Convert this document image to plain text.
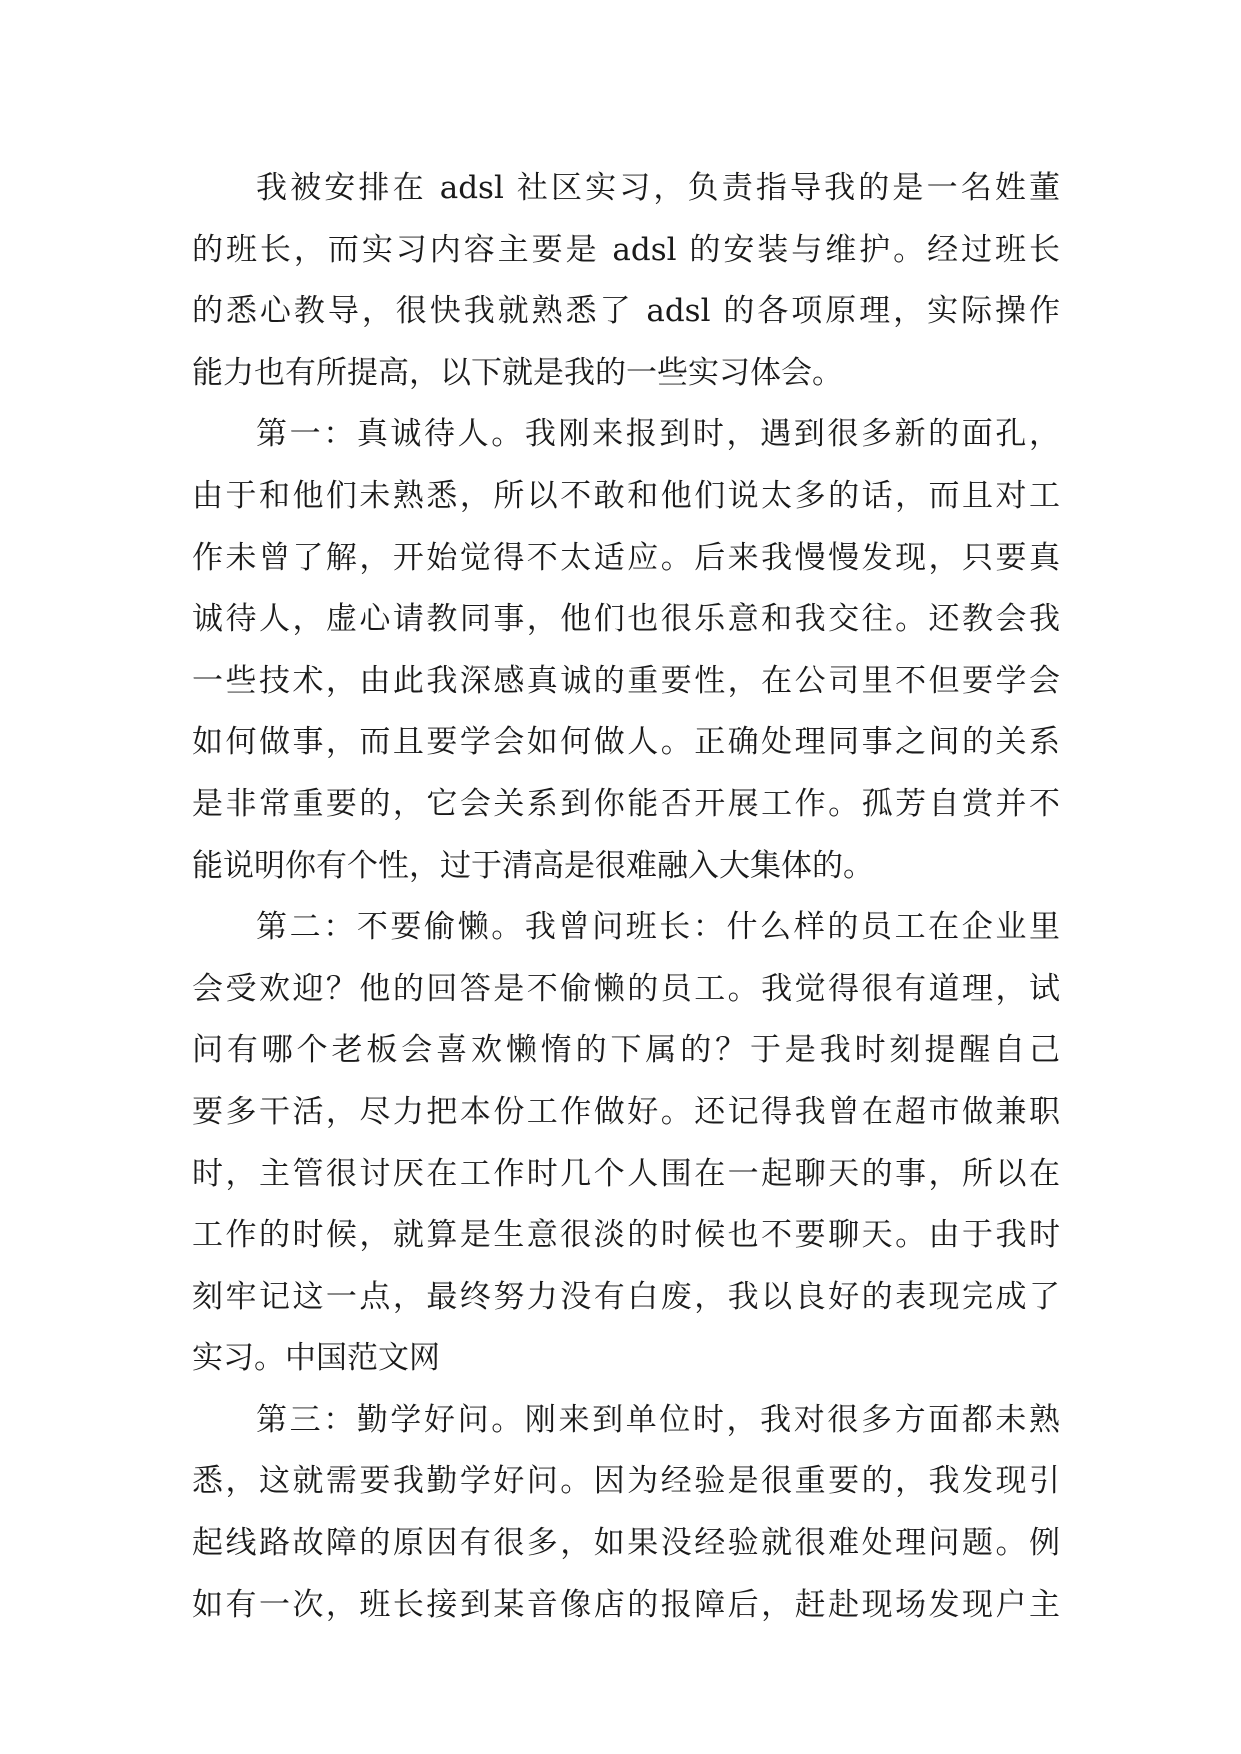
我被安排在 adsl 社区实习，负责指导我的是一名姓董
的班长，而实习内容主要是 adsl 的安装与维护。经过班长
的悉心教导，很快我就熟悉了 adsl 的各项原理，实际操作
能力也有所提高，以下就是我的一些实习体会。
第一：真诚待人。我刚来报到时，遇到很多新的面孔，
由于和他们未熟悉，所以不敢和他们说太多的话，而且对工
作未曾了解，开始觉得不太适应。后来我慢慢发现，只要真
诚待人，虚心请教同事，他们也很乐意和我交往。还教会我
一些技术，由此我深感真诚的重要性，在公司里不但要学会
如何做事，而且要学会如何做人。正确处理同事之间的关系
是非常重要的，它会关系到你能否开展工作。孤芳自赏并不
能说明你有个性，过于清高是很难融入大集体的。
第二：不要偷懒。我曾问班长：什么样的员工在企业里
会受欢迎？他的回答是不偷懒的员工。我觉得很有道理，试
问有哪个老板会喜欢懒惰的下属的？于是我时刻提醒自己
要多干活，尽力把本份工作做好。还记得我曾在超市做兼职
时，主管很讨厌在工作时几个人围在一起聊天的事，所以在
工作的时候，就算是生意很淡的时候也不要聊天。由于我时
刻牢记这一点，最终努力没有白废，我以良好的表现完成了
实习。中国范文网
第三：勤学好问。刚来到单位时，我对很多方面都未熟
悉，这就需要我勤学好问。因为经验是很重要的，我发现引
起线路故障的原因有很多，如果没经验就很难处理问题。例
如有一次，班长接到某音像店的报障后，赶赴现场发现户主
